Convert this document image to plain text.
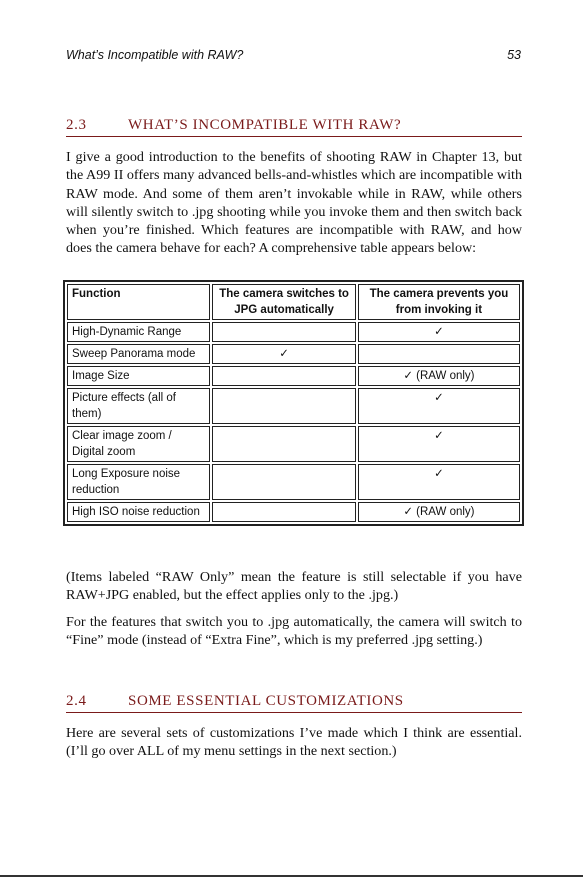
What’s Incompatible with RAW?	53
2.3	WHAT’S INCOMPATIBLE WITH RAW?
I give a good introduction to the benefits of shooting RAW in Chapter 13, but the A99 II offers many advanced bells-and-whistles which are incompatible with RAW mode. And some of them aren’t invokable while in RAW, while others will silently switch to .jpg shooting while you invoke them and then switch back when you’re finished. Which features are incompatible with RAW, and how does the camera behave for each? A comprehensive table appears below:
Function	The camera switches to JPG automatically	The camera prevents you from invoking it
High-Dynamic Range		✓
Sweep Panorama mode	✓	
Image Size		✓ (RAW only)
Picture effects (all of them)		✓
Clear image zoom / Digital zoom		✓
Long Exposure noise reduction		✓
High ISO noise reduction		✓ (RAW only)
(Items labeled “RAW Only” mean the feature is still selectable if you have RAW+JPG enabled, but the effect applies only to the .jpg.)
For the features that switch you to .jpg automatically, the camera will switch to “Fine” mode (instead of “Extra Fine”, which is my preferred .jpg setting.)
2.4	SOME ESSENTIAL CUSTOMIZATIONS
Here are several sets of customizations I’ve made which I think are essential. (I’ll go over ALL of my menu settings in the next section.)
